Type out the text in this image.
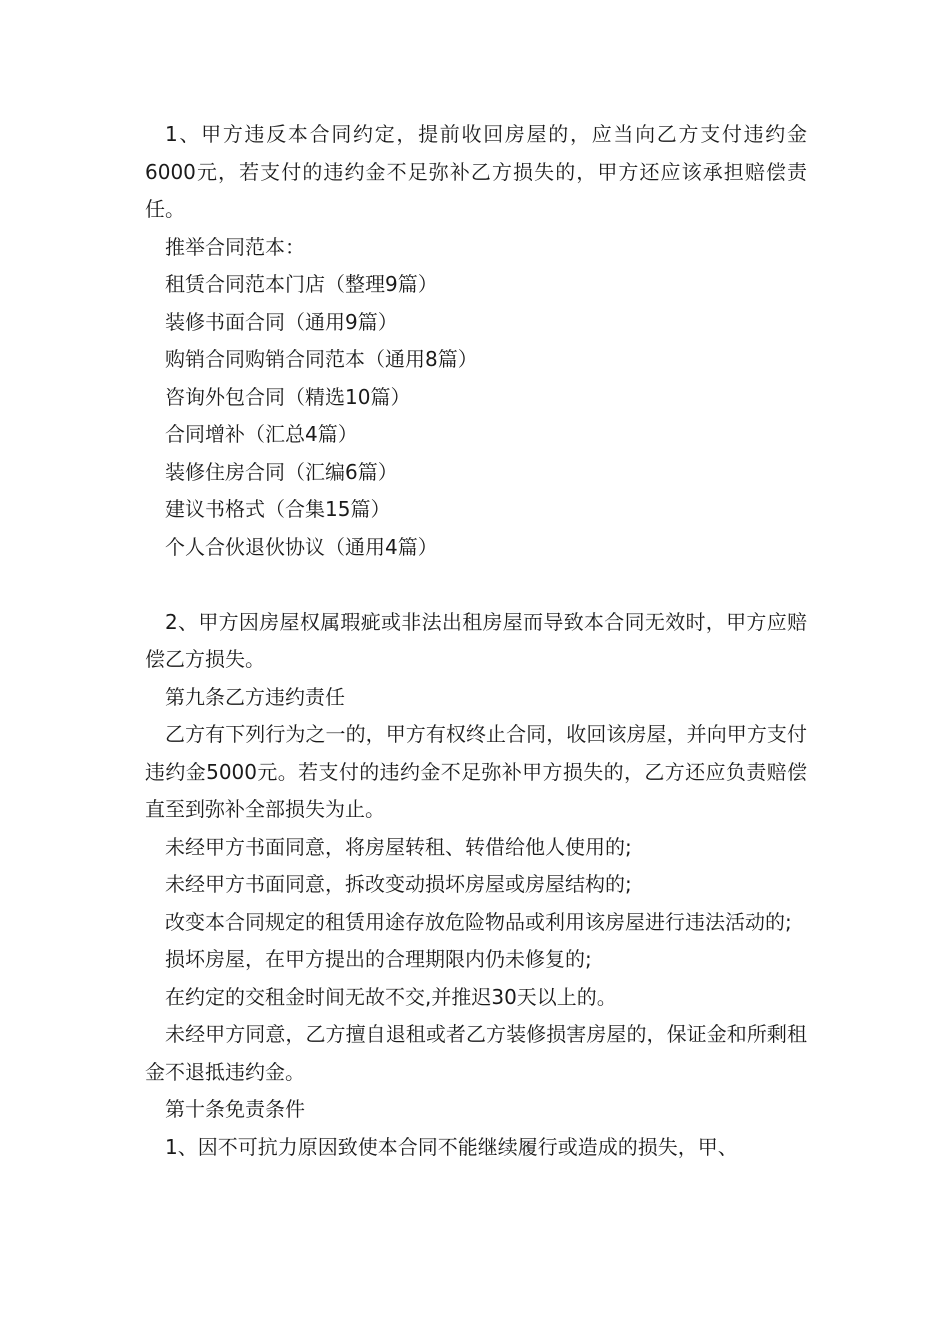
1、甲方违反本合同约定，提前收回房屋的，应当向乙方支付违约金6000元，若支付的违约金不足弥补乙方损失的，甲方还应该承担赔偿责任。

推举合同范本：

租赁合同范本门店（整理9篇）

装修书面合同（通用9篇）

购销合同购销合同范本（通用8篇）

咨询外包合同（精选10篇）

合同增补（汇总4篇）

装修住房合同（汇编6篇）

建议书格式（合集15篇）

个人合伙退伙协议（通用4篇）

2、甲方因房屋权属瑕疵或非法出租房屋而导致本合同无效时，甲方应赔偿乙方损失。

第九条乙方违约责任

乙方有下列行为之一的，甲方有权终止合同，收回该房屋，并向甲方支付违约金5000元。若支付的违约金不足弥补甲方损失的，乙方还应负责赔偿直至到弥补全部损失为止。

未经甲方书面同意，将房屋转租、转借给他人使用的;

未经甲方书面同意，拆改变动损坏房屋或房屋结构的;

改变本合同规定的租赁用途存放危险物品或利用该房屋进行违法活动的;

损坏房屋，在甲方提出的合理期限内仍未修复的;

在约定的交租金时间无故不交,并推迟30天以上的。

未经甲方同意，乙方擅自退租或者乙方装修损害房屋的，保证金和所剩租金不退抵违约金。

第十条免责条件

1、因不可抗力原因致使本合同不能继续履行或造成的损失，甲、
